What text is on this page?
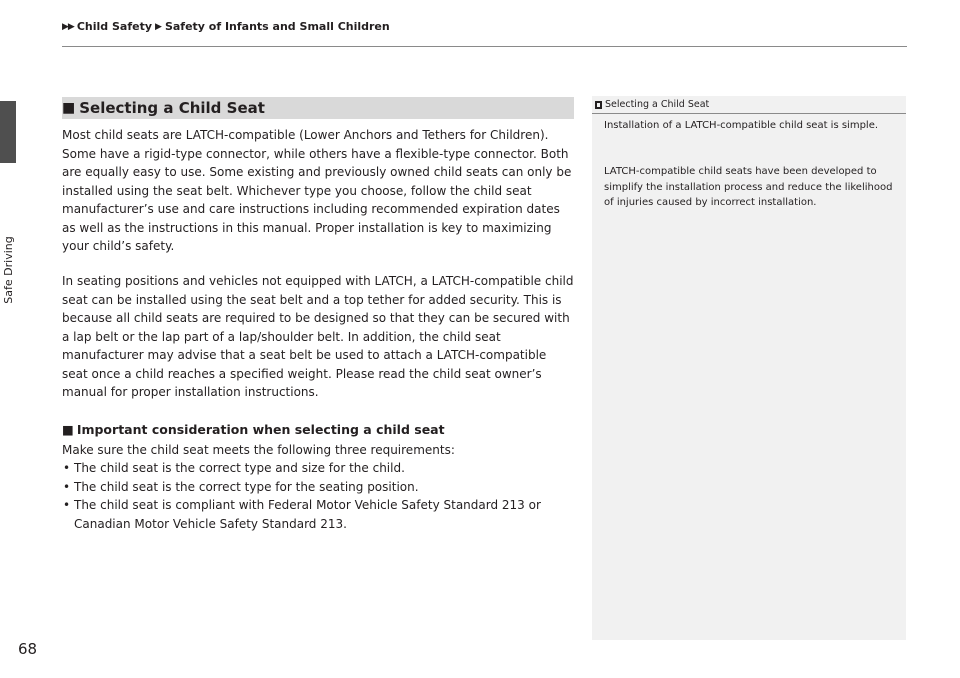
▶▶ Child Safety ▶ Safety of Infants and Small Children
Safe Driving
■ Selecting a Child Seat

Most child seats are LATCH-compatible (Lower Anchors and Tethers for Children). Some have a rigid-type connector, while others have a flexible-type connector. Both are equally easy to use. Some existing and previously owned child seats can only be installed using the seat belt. Whichever type you choose, follow the child seat manufacturer’s use and care instructions including recommended expiration dates as well as the instructions in this manual. Proper installation is key to maximizing your child’s safety.

In seating positions and vehicles not equipped with LATCH, a LATCH-compatible child seat can be installed using the seat belt and a top tether for added security. This is because all child seats are required to be designed so that they can be secured with a lap belt or the lap part of a lap/shoulder belt. In addition, the child seat manufacturer may advise that a seat belt be used to attach a LATCH-compatible seat once a child reaches a specified weight. Please read the child seat owner’s manual for proper installation instructions.

■ Important consideration when selecting a child seat

Make sure the child seat meets the following three requirements:

• The child seat is the correct type and size for the child.
• The child seat is the correct type for the seating position.
• The child seat is compliant with Federal Motor Vehicle Safety Standard 213 or Canadian Motor Vehicle Safety Standard 213.
Selecting a Child Seat

Installation of a LATCH-compatible child seat is simple.

LATCH-compatible child seats have been developed to simplify the installation process and reduce the likelihood of injuries caused by incorrect installation.

68
